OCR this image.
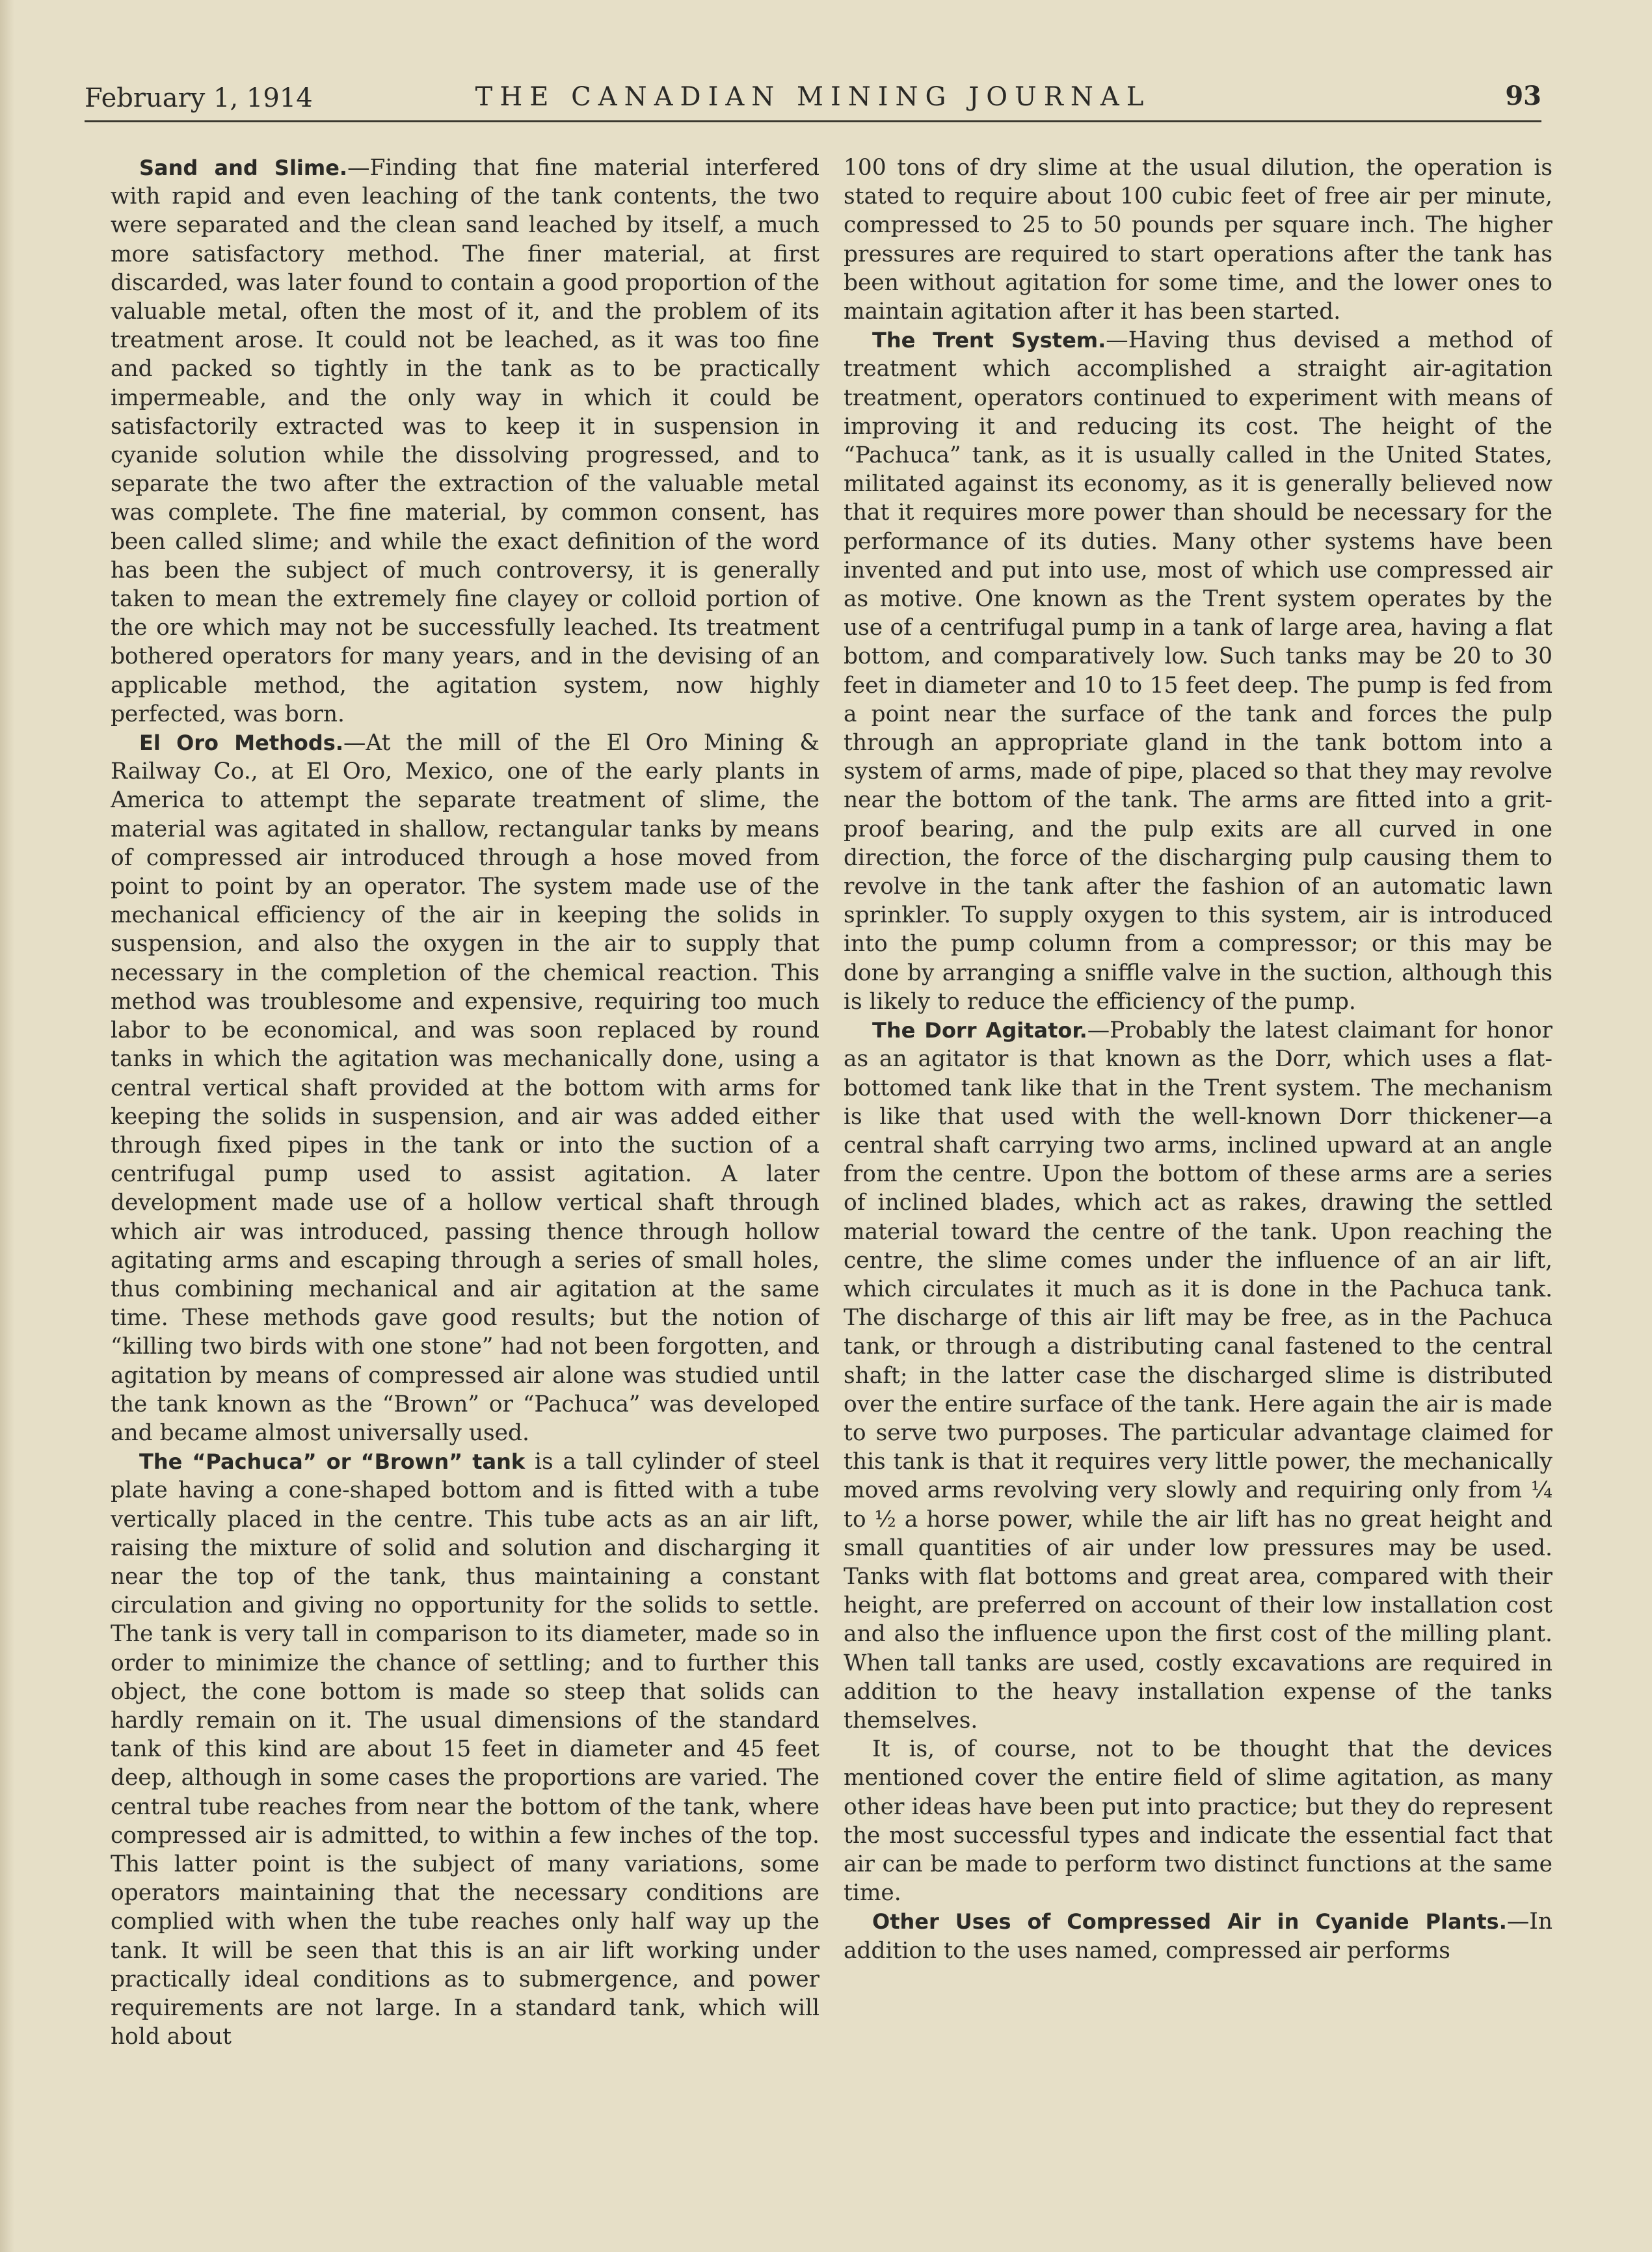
February 1, 1914	THE CANADIAN MINING JOURNAL	93

Sand and Slime.—Finding that fine material interfered with rapid and even leaching of the tank contents, the two were separated and the clean sand leached by itself, a much more satisfactory method. The finer material, at first discarded, was later found to contain a good proportion of the valuable metal, often the most of it, and the problem of its treatment arose. It could not be leached, as it was too fine and packed so tightly in the tank as to be practically impermeable, and the only way in which it could be satisfactorily extracted was to keep it in suspension in cyanide solution while the dissolving progressed, and to separate the two after the extraction of the valuable metal was complete. The fine material, by common consent, has been called slime; and while the exact definition of the word has been the subject of much controversy, it is generally taken to mean the extremely fine clayey or colloid portion of the ore which may not be successfully leached. Its treatment bothered operators for many years, and in the devising of an applicable method, the agitation system, now highly perfected, was born.

El Oro Methods.—At the mill of the El Oro Mining & Railway Co., at El Oro, Mexico, one of the early plants in America to attempt the separate treatment of slime, the material was agitated in shallow, rectangular tanks by means of compressed air introduced through a hose moved from point to point by an operator. The system made use of the mechanical efficiency of the air in keeping the solids in suspension, and also the oxygen in the air to supply that necessary in the completion of the chemical reaction. This method was troublesome and expensive, requiring too much labor to be economical, and was soon replaced by round tanks in which the agitation was mechanically done, using a central vertical shaft provided at the bottom with arms for keeping the solids in suspension, and air was added either through fixed pipes in the tank or into the suction of a centrifugal pump used to assist agitation. A later development made use of a hollow vertical shaft through which air was introduced, passing thence through hollow agitating arms and escaping through a series of small holes, thus combining mechanical and air agitation at the same time. These methods gave good results; but the notion of “killing two birds with one stone” had not been forgotten, and agitation by means of compressed air alone was studied until the tank known as the “Brown” or “Pachuca” was developed and became almost universally used.

The “Pachuca” or “Brown” tank is a tall cylinder of steel plate having a cone-shaped bottom and is fitted with a tube vertically placed in the centre. This tube acts as an air lift, raising the mixture of solid and solution and discharging it near the top of the tank, thus maintaining a constant circulation and giving no opportunity for the solids to settle. The tank is very tall in comparison to its diameter, made so in order to minimize the chance of settling; and to further this object, the cone bottom is made so steep that solids can hardly remain on it. The usual dimensions of the standard tank of this kind are about 15 feet in diameter and 45 feet deep, although in some cases the proportions are varied. The central tube reaches from near the bottom of the tank, where compressed air is admitted, to within a few inches of the top. This latter point is the subject of many variations, some operators maintaining that the necessary conditions are complied with when the tube reaches only half way up the tank. It will be seen that this is an air lift working under practically ideal conditions as to submergence, and power requirements are not large. In a standard tank, which will hold about

100 tons of dry slime at the usual dilution, the operation is stated to require about 100 cubic feet of free air per minute, compressed to 25 to 50 pounds per square inch. The higher pressures are required to start operations after the tank has been without agitation for some time, and the lower ones to maintain agitation after it has been started.

The Trent System.—Having thus devised a method of treatment which accomplished a straight air-agitation treatment, operators continued to experiment with means of improving it and reducing its cost. The height of the “Pachuca” tank, as it is usually called in the United States, militated against its economy, as it is generally believed now that it requires more power than should be necessary for the performance of its duties. Many other systems have been invented and put into use, most of which use compressed air as motive. One known as the Trent system operates by the use of a centrifugal pump in a tank of large area, having a flat bottom, and comparatively low. Such tanks may be 20 to 30 feet in diameter and 10 to 15 feet deep. The pump is fed from a point near the surface of the tank and forces the pulp through an appropriate gland in the tank bottom into a system of arms, made of pipe, placed so that they may revolve near the bottom of the tank. The arms are fitted into a grit-proof bearing, and the pulp exits are all curved in one direction, the force of the discharging pulp causing them to revolve in the tank after the fashion of an automatic lawn sprinkler. To supply oxygen to this system, air is introduced into the pump column from a compressor; or this may be done by arranging a sniffle valve in the suction, although this is likely to reduce the efficiency of the pump.

The Dorr Agitator.—Probably the latest claimant for honor as an agitator is that known as the Dorr, which uses a flat-bottomed tank like that in the Trent system. The mechanism is like that used with the well-known Dorr thickener—a central shaft carrying two arms, inclined upward at an angle from the centre. Upon the bottom of these arms are a series of inclined blades, which act as rakes, drawing the settled material toward the centre of the tank. Upon reaching the centre, the slime comes under the influence of an air lift, which circulates it much as it is done in the Pachuca tank. The discharge of this air lift may be free, as in the Pachuca tank, or through a distributing canal fastened to the central shaft; in the latter case the discharged slime is distributed over the entire surface of the tank. Here again the air is made to serve two purposes. The particular advantage claimed for this tank is that it requires very little power, the mechanically moved arms revolving very slowly and requiring only from ¼ to ½ a horse power, while the air lift has no great height and small quantities of air under low pressures may be used. Tanks with flat bottoms and great area, compared with their height, are preferred on account of their low installation cost and also the influence upon the first cost of the milling plant. When tall tanks are used, costly excavations are required in addition to the heavy installation expense of the tanks themselves.

It is, of course, not to be thought that the devices mentioned cover the entire field of slime agitation, as many other ideas have been put into practice; but they do represent the most successful types and indicate the essential fact that air can be made to perform two distinct functions at the same time.

Other Uses of Compressed Air in Cyanide Plants.—In addition to the uses named, compressed air performs
